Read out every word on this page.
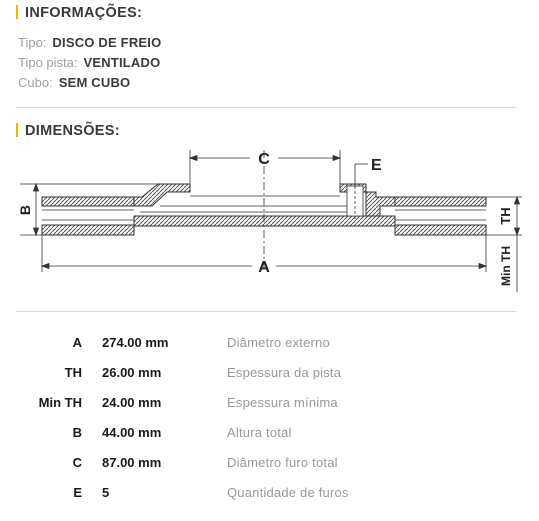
INFORMAÇÕES:
Tipo: DISCO DE FREIO
Tipo pista: VENTILADO
Cubo: SEM CUBO
DIMENSÕES:
C	E
B	TH
Min TH
A
A 274.00 mm	Diâmetro externo
TH 26.00 mm	Espessura da pista
Min TH 24.00 mm	Espessura mínima
B 44.00 mm	Altura total
C 87.00 mm	Diâmetro furo total
E 5	Quantidade de furos
